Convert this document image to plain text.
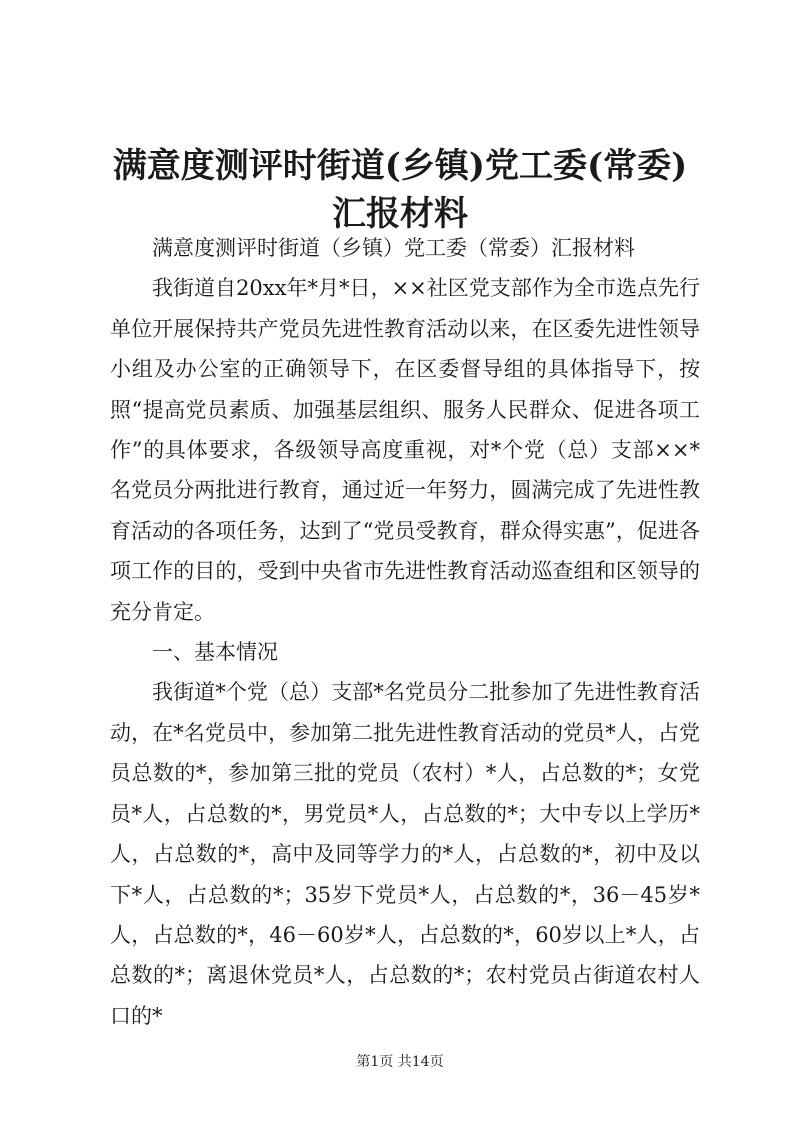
满意度测评时街道(乡镇)党工委(常委)汇报材料

满意度测评时街道（乡镇）党工委（常委）汇报材料

我街道自20xx年*月*日，××社区党支部作为全市选点先行单位开展保持共产党员先进性教育活动以来，在区委先进性领导小组及办公室的正确领导下，在区委督导组的具体指导下，按照“提高党员素质、加强基层组织、服务人民群众、促进各项工作”的具体要求，各级领导高度重视，对*个党（总）支部××*名党员分两批进行教育，通过近一年努力，圆满完成了先进性教育活动的各项任务，达到了“党员受教育，群众得实惠”，促进各项工作的目的，受到中央省市先进性教育活动巡查组和区领导的充分肯定。

一、基本情况

我街道*个党（总）支部*名党员分二批参加了先进性教育活动，在*名党员中，参加第二批先进性教育活动的党员*人，占党员总数的*，参加第三批的党员（农村）*人，占总数的*；女党员*人，占总数的*，男党员*人，占总数的*；大中专以上学历*人，占总数的*，高中及同等学力的*人，占总数的*，初中及以下*人，占总数的*；35岁下党员*人，占总数的*，36－45岁*人，占总数的*，46－60岁*人，占总数的*，60岁以上*人，占总数的*；离退休党员*人，占总数的*；农村党员占街道农村人口的*

第1页 共14页
